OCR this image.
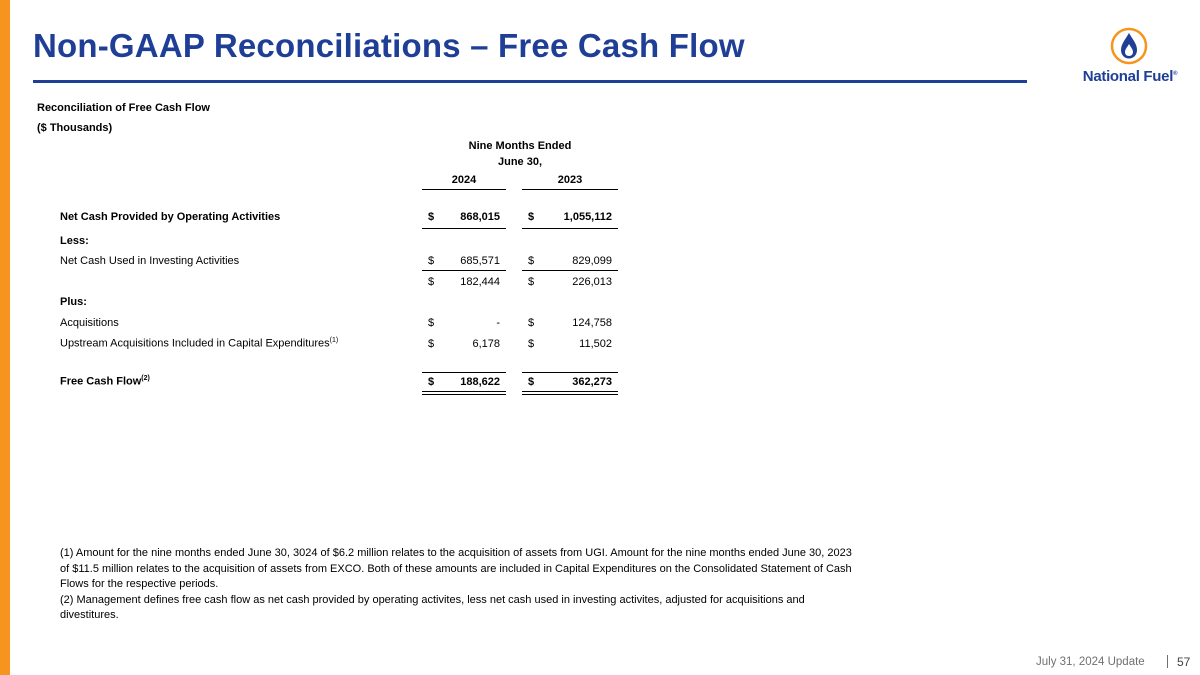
Non-GAAP Reconciliations – Free Cash Flow
National Fuel®
Reconciliation of Free Cash Flow
($ Thousands)
Nine Months Ended
June 30,
2024	2023
Net Cash Provided by Operating Activities	$	868,015	$	1,055,112
Less:
Net Cash Used in Investing Activities	$	685,571	$	829,099
$	182,444	$	226,013
Plus:
Acquisitions	$	-	$	124,758
Upstream Acquisitions Included in Capital Expenditures$^{(1)}$	$	6,178	$	11,502
Free Cash Flow$^{(2)}$	$	188,622	$	362,273

(1) Amount for the nine months ended June 30, 3024 of $6.2 million relates to the acquisition of assets from UGI. Amount for the nine months ended June 30, 2023 of $11.5 million relates to the acquisition of assets from EXCO. Both of these amounts are included in Capital Expenditures on the Consolidated Statement of Cash Flows for the respective periods.

(2) Management defines free cash flow as net cash provided by operating activites, less net cash used in investing activites, adjusted for acquisitions and divestitures.

July 31, 2024 Update	57
